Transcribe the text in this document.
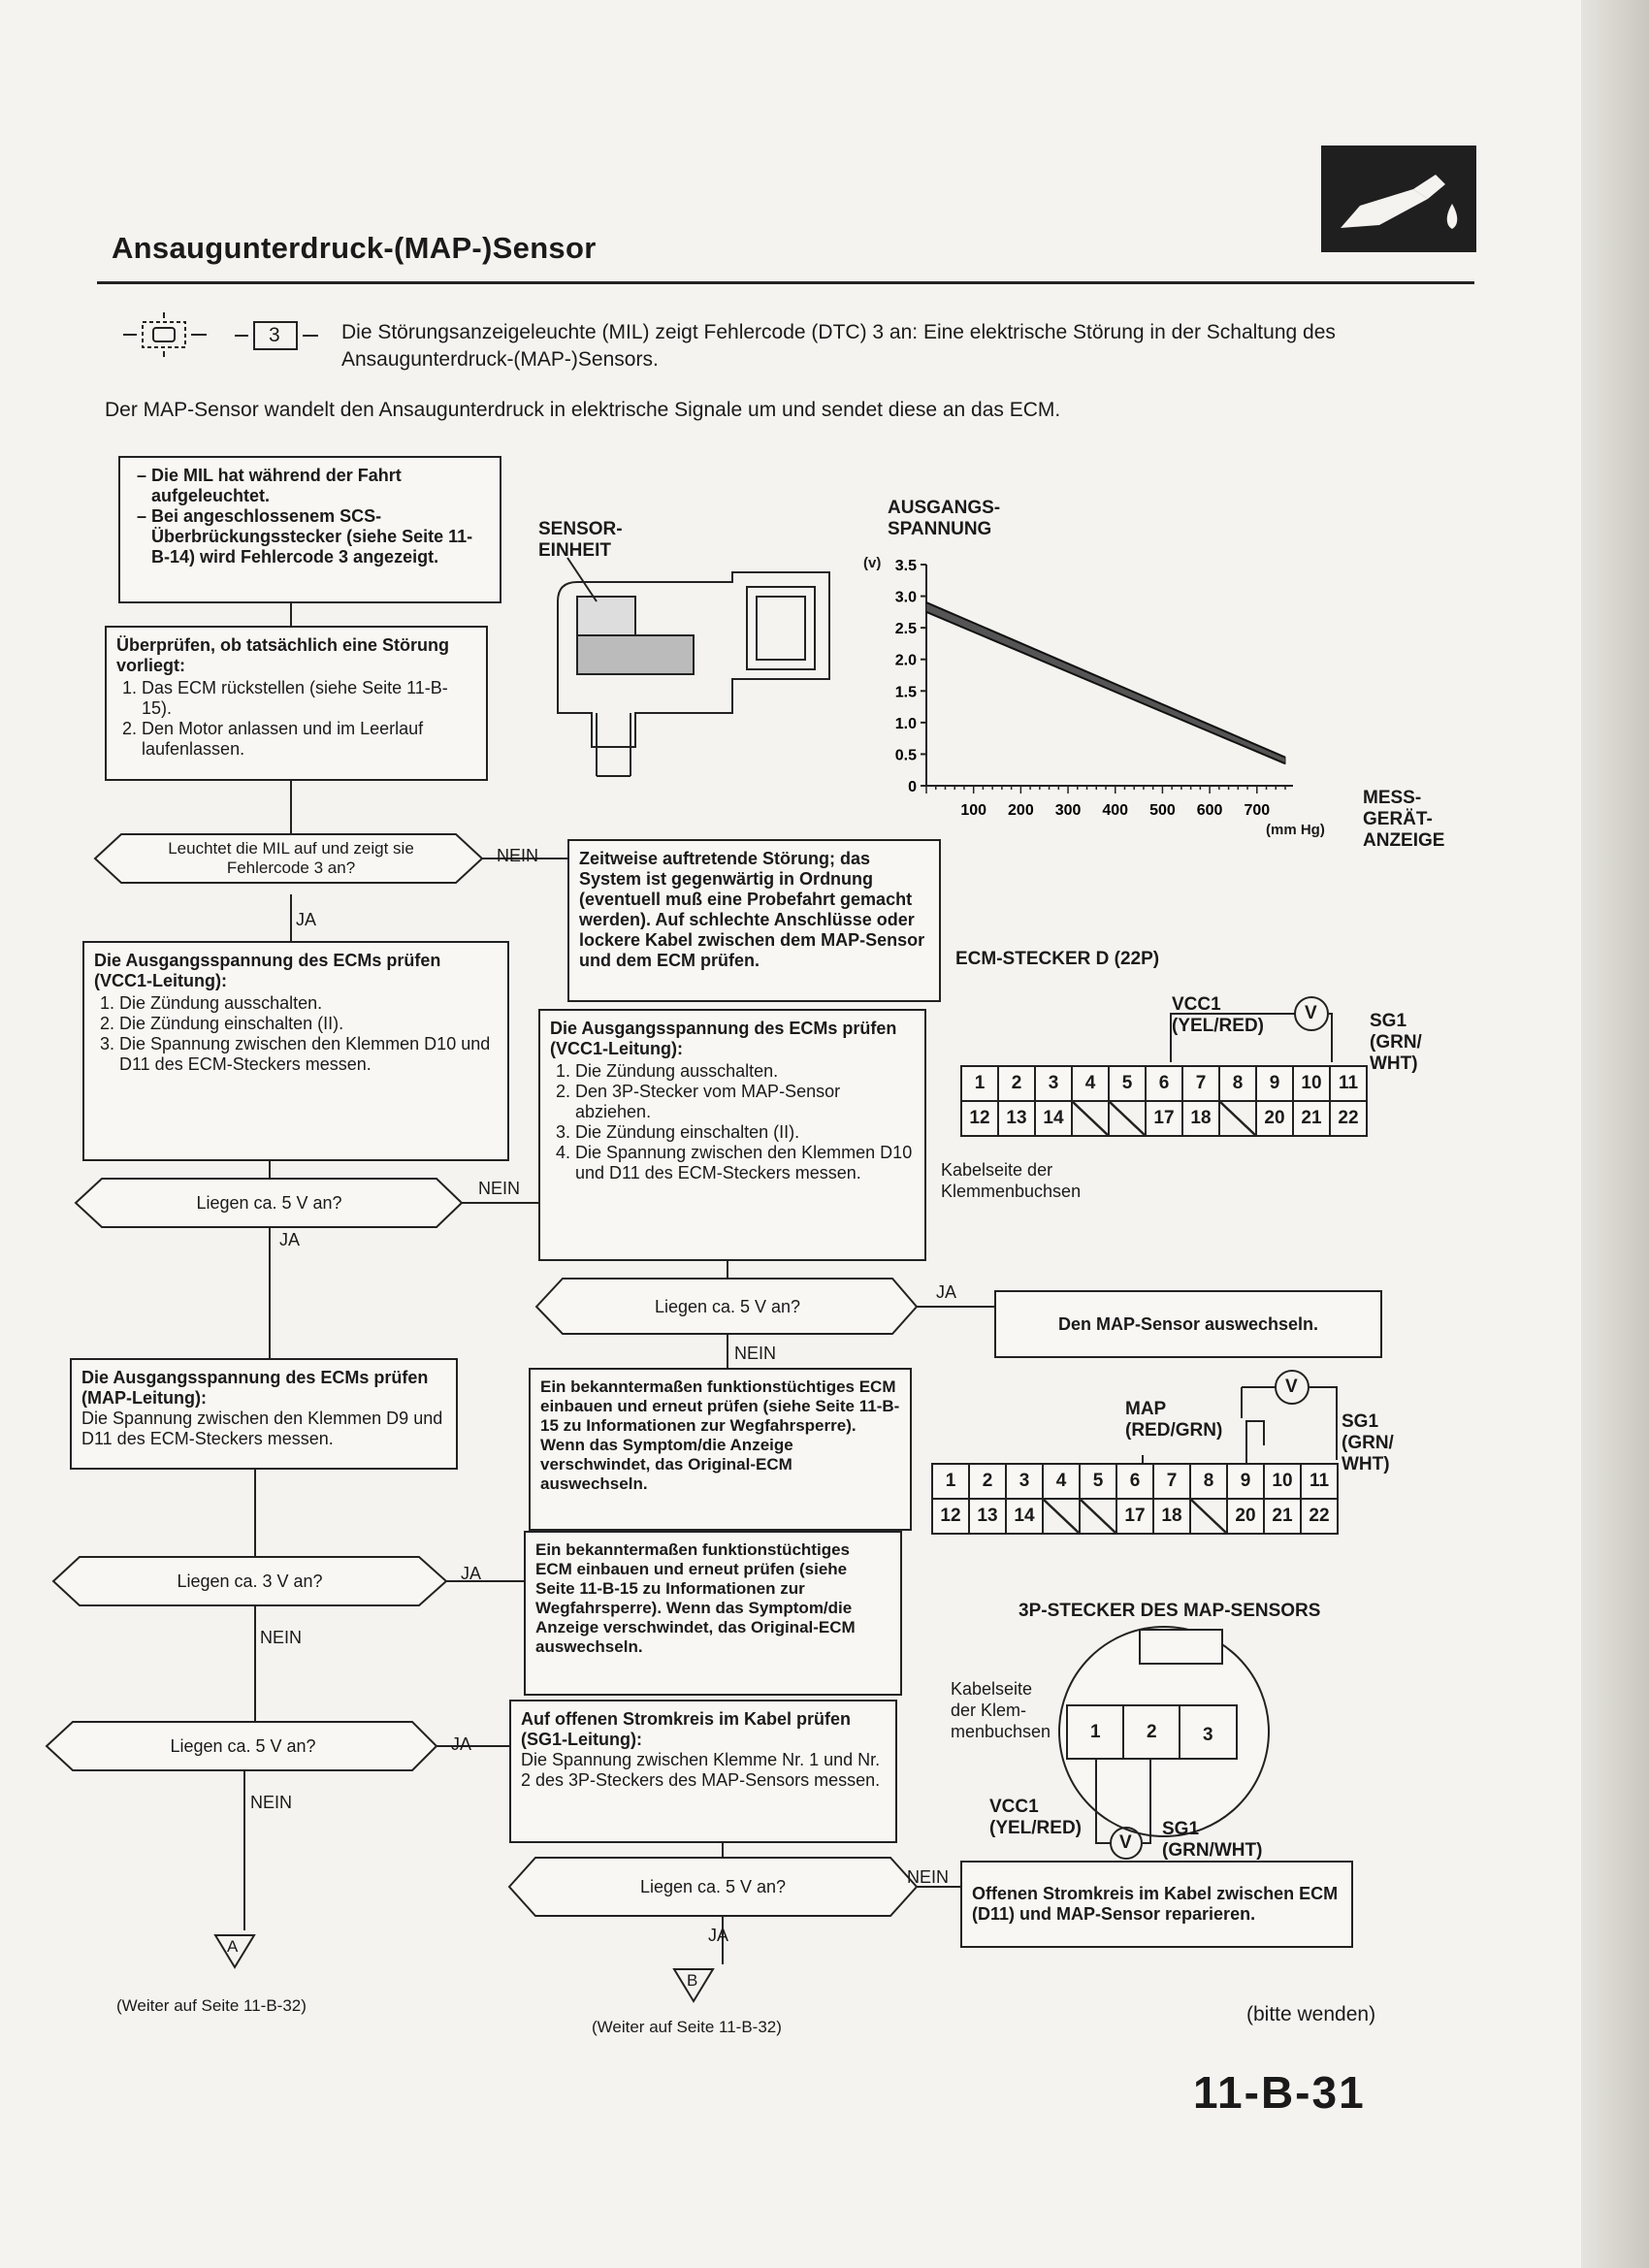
Ansaugunterdruck-(MAP-)Sensor
3	Die Störungsanzeigeleuchte (MIL) zeigt Fehlercode (DTC) 3 an: Eine elektrische Störung in der Schaltung des
Ansaugunterdruck-(MAP-)Sensors.
Der MAP-Sensor wandelt den Ansaugunterdruck in elektrische Signale um und sendet diese an das ECM.
– Die MIL hat während der Fahrt aufgeleuchtet.
– Bei angeschlossenem SCS-Überbrückungsstecker (siehe Seite 11-B-14) wird Fehlercode 3 angezeigt.
Überprüfen, ob tatsächlich eine Störung vorliegt:
1. Das ECM rückstellen (siehe Seite 11-B-15).
2. Den Motor anlassen und im Leerlauf laufenlassen.
Leuchtet die MIL auf und zeigt sie Fehlercode 3 an?
NEIN
JA
Zeitweise auftretende Störung; das System ist gegenwärtig in Ordnung (eventuell muß eine Probefahrt gemacht werden). Auf schlechte Anschlüsse oder lockere Kabel zwischen dem MAP-Sensor und dem ECM prüfen.
Die Ausgangsspannung des ECMs prüfen (VCC1-Leitung):
1. Die Zündung ausschalten.
2. Die Zündung einschalten (II).
3. Die Spannung zwischen den Klemmen D10 und D11 des ECM-Steckers messen.
Die Ausgangsspannung des ECMs prüfen (VCC1-Leitung):
1. Die Zündung ausschalten.
2. Den 3P-Stecker vom MAP-Sensor abziehen.
3. Die Zündung einschalten (II).
4. Die Spannung zwischen den Klemmen D10 und D11 des ECM-Steckers messen.
Liegen ca. 5 V an?
NEIN
JA
Liegen ca. 5 V an?
JA
NEIN
Den MAP-Sensor auswechseln.
Die Ausgangsspannung des ECMs prüfen (MAP-Leitung):
Die Spannung zwischen den Klemmen D9 und D11 des ECM-Steckers messen.
Ein bekanntermaßen funktionstüchtiges ECM einbauen und erneut prüfen (siehe Seite 11-B-15 zu Informationen zur Wegfahrsperre). Wenn das Symptom/die Anzeige verschwindet, das Original-ECM auswechseln.
Liegen ca. 3 V an?	JA
NEIN
Ein bekanntermaßen funktionstüchtiges ECM einbauen und erneut prüfen (siehe Seite 11-B-15 zu Informationen zur Wegfahrsperre). Wenn das Symptom/die Anzeige verschwindet, das Original-ECM auswechseln.
Liegen ca. 5 V an?	JA
NEIN
Auf offenen Stromkreis im Kabel prüfen (SG1-Leitung):
Die Spannung zwischen Klemme Nr. 1 und Nr. 2 des 3P-Steckers des MAP-Sensors messen.
Liegen ca. 5 V an?	NEIN
JA
Offenen Stromkreis im Kabel zwischen ECM (D11) und MAP-Sensor reparieren.
A
B
(Weiter auf Seite 11-B-32)
(Weiter auf Seite 11-B-32)
(bitte wenden)
SENSOR-
EINHEIT
AUSGANGS-
SPANNUNG
(v)
(mm Hg)
MESS-
GERÄT-
ANZEIGE
3.5
3.0
2.5
2.0
1.5
1.0
0.5
0
100 200 300 400 500 600 700
ECM-STECKER D (22P)
V
VCC1
(YEL/RED)	SG1
(GRN/
WHT)
1	2	3	4	5	6	7	8	9	10	11
12	13	14			17	18		20	21	22
Kabelseite der
Klemmenbuchsen
MAP
(RED/GRN)
V
SG1
(GRN/
WHT)
1	2	3	4	5	6	7	8	9	10	11
12	13	14			17	18		20	21	22
3P-STECKER DES MAP-SENSORS
Kabelseite
der Klem-
menbuchsen 1 2 3
V
VCC1
(YEL/RED)	SG1
(GRN/WHT)
11-B-31
